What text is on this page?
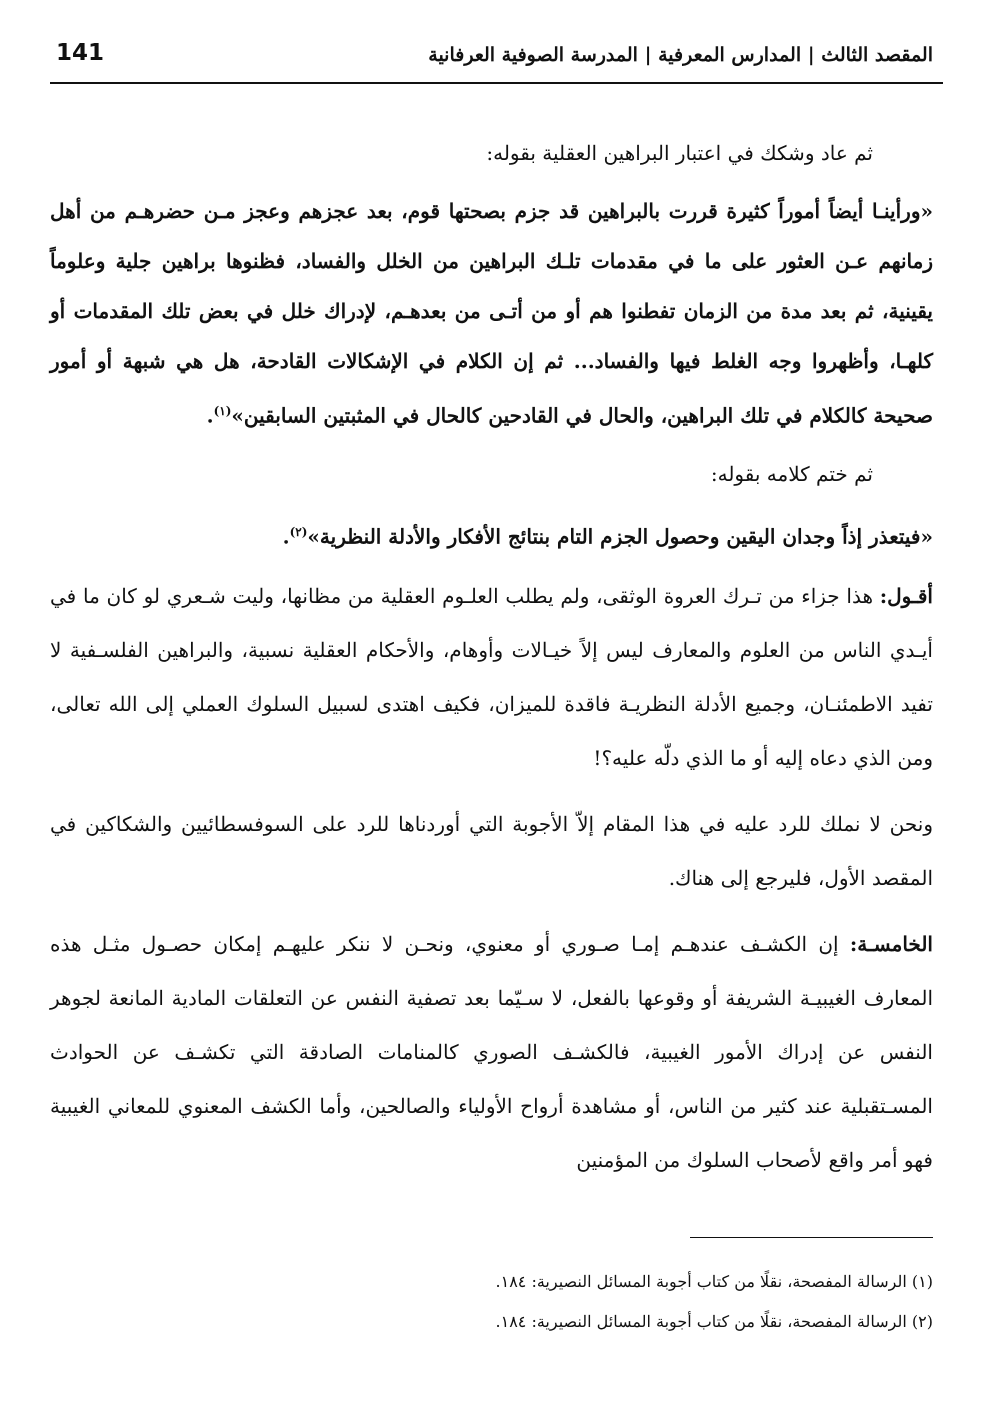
141	المقصد الثالث | المدارس المعرفية | المدرسة الصوفية العرفانية

ثم عاد وشكك في اعتبار البراهين العقلية بقوله:

«ورأينـا أيضاً أموراً كثيرة قررت بالبراهين قد جزم بصحتها قوم، بعد عجزهم وعجز مـن حضرهـم من أهل زمانهم عـن العثور على ما في مقدمات تلـك البراهين من الخلل والفساد، فظنوها براهين جلية وعلوماً يقينية، ثم بعد مدة من الزمان تفطنوا هم أو من أتـى من بعدهـم، لإدراك خلل في بعض تلك المقدمات أو كلهـا، وأظهروا وجه الغلط فيها والفساد... ثم إن الكلام في الإشكالات القادحة، هل هي شبهة أو أمور صحيحة كالكلام في تلك البراهين، والحال في القادحين كالحال في المثبتين السابقين»$^{(١)}$.

ثم ختم كلامه بقوله:

«فيتعذر إذاً وجدان اليقين وحصول الجزم التام بنتائج الأفكار والأدلة النظرية»$^{(٢)}$.

أقـول: هذا جزاء من تـرك العروة الوثقى، ولم يطلب العلـوم العقلية من مظانها، وليت شـعري لو كان ما في أيـدي الناس من العلوم والمعارف ليس إلاً خيـالات وأوهام، والأحكام العقلية نسبية، والبراهين الفلسـفية لا تفيد الاطمئنـان، وجميع الأدلة النظريـة فاقدة للميزان، فكيف اهتدى لسبيل السلوك العملي إلى الله تعالى، ومن الذي دعاه إليه أو ما الذي دلّه عليه؟!

ونحن لا نملك للرد عليه في هذا المقام إلاّ الأجوبة التي أوردناها للرد على السوفسطائيين والشكاكين في المقصد الأول، فليرجع إلى هناك.

الخامسـة: إن الكشـف عندهـم إمـا صـوري أو معنوي، ونحـن لا ننكر عليهـم إمكان حصـول مثـل هذه المعارف الغيبيـة الشريفة أو وقوعها بالفعل، لا سـيّما بعد تصفية النفس عن التعلقات المادية المانعة لجوهر النفس عن إدراك الأمور الغيبية، فالكشـف الصوري كالمنامات الصادقة التي تكشـف عن الحوادث المسـتقبلية عند كثير من الناس، أو مشاهدة أرواح الأولياء والصالحين، وأما الكشف المعنوي للمعاني الغيبية فهو أمر واقع لأصحاب السلوك من المؤمنين

(١) الرسالة المفصحة، نقلًا من كتاب أجوبة المسائل النصيرية: ١٨٤.

(٢) الرسالة المفصحة، نقلًا من كتاب أجوبة المسائل النصيرية: ١٨٤.
